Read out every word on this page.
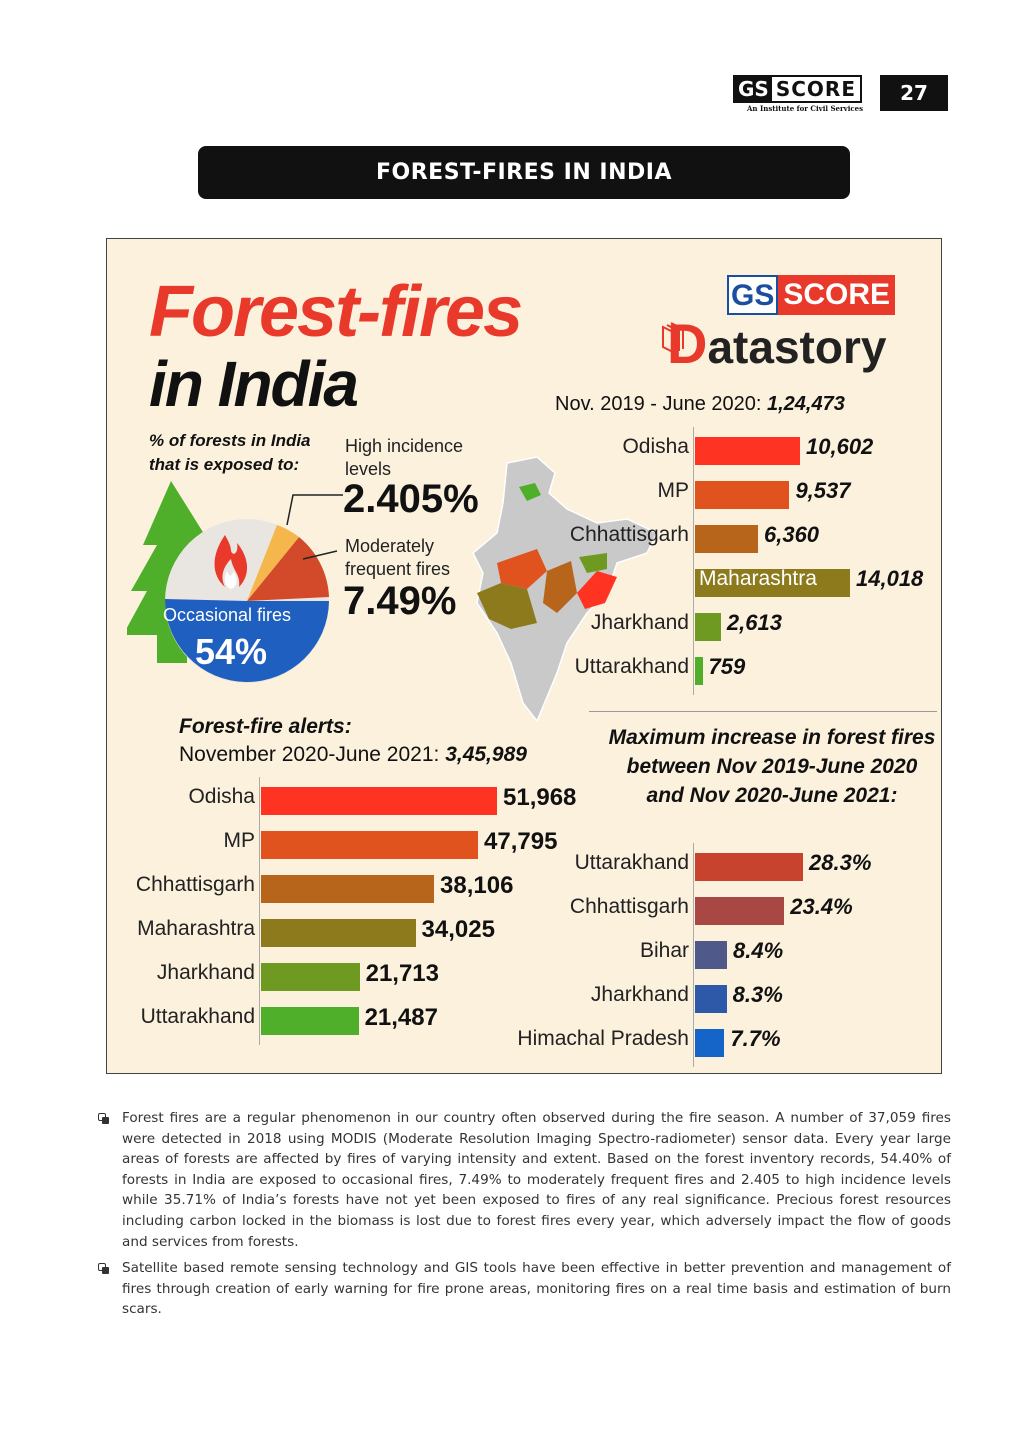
GS SCORE
An Institute for Civil Services
27
FOREST-FIRES IN INDIA
Forest-fires
in India
GS SCORE
Datastory
% of forests in India that is exposed to:
High incidence levels
2.405%
Moderately frequent fires
7.49%
Occasional fires
54%
Nov. 2019 - June 2020: 1,24,473
Forest-fire alerts:
November 2020-June 2021: 3,45,989
Maximum increase in forest fires between Nov 2019-June 2020 and Nov 2020-June 2021:
Odisha	10,602
MP	9,537
Chhattisgarh	6,360
Maharashtra 14,018
Jharkhand 2,613
Uttarakhand 759
Odisha	51,968
MP	47,795
Chhattisgarh	38,106
Maharashtra	34,025
Jharkhand	21,713
Uttarakhand	21,487
Uttarakhand	28.3%
Chhattisgarh	23.4%
Bihar 8.4%
Jharkhand 8.3%
Himachal Pradesh 7.7%
Forest fires are a regular phenomenon in our country often observed during the fire season. A number of 37,059 fires were detected in 2018 using MODIS (Moderate Resolution Imaging Spectro-radiometer) sensor data. Every year large areas of forests are affected by fires of varying intensity and extent. Based on the forest inventory records, 54.40% of forests in India are exposed to occasional fires, 7.49% to moderately frequent fires and 2.405 to high incidence levels while 35.71% of India’s forests have not yet been exposed to fires of any real significance. Precious forest resources including carbon locked in the biomass is lost due to forest fires every year, which adversely impact the flow of goods and services from forests.
Satellite based remote sensing technology and GIS tools have been effective in better prevention and management of fires through creation of early warning for fire prone areas, monitoring fires on a real time basis and estimation of burn scars.
